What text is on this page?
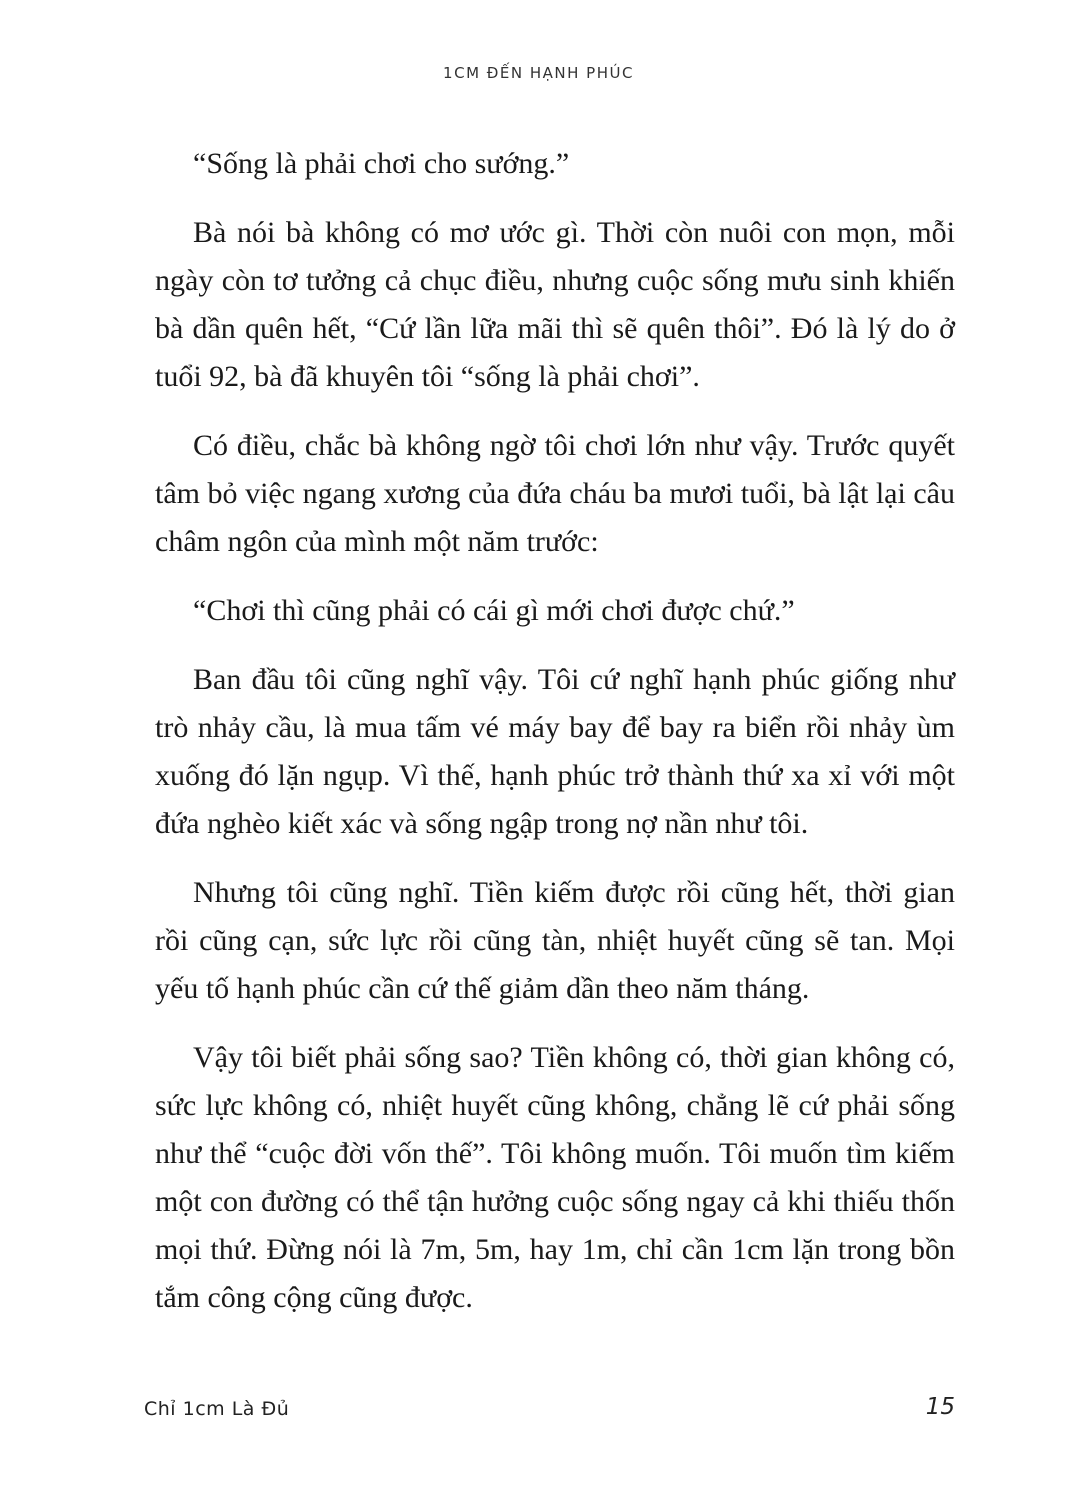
1CM ĐẾN HẠNH PHÚC

“Sống là phải chơi cho sướng.”

Bà nói bà không có mơ ước gì. Thời còn nuôi con mọn, mỗi ngày còn tơ tưởng cả chục điều, nhưng cuộc sống mưu sinh khiến bà dần quên hết, “Cứ lần lữa mãi thì sẽ quên thôi”. Đó là lý do ở tuổi 92, bà đã khuyên tôi “sống là phải chơi”.

Có điều, chắc bà không ngờ tôi chơi lớn như vậy. Trước quyết tâm bỏ việc ngang xương của đứa cháu ba mươi tuổi, bà lật lại câu châm ngôn của mình một năm trước:

“Chơi thì cũng phải có cái gì mới chơi được chứ.”

Ban đầu tôi cũng nghĩ vậy. Tôi cứ nghĩ hạnh phúc giống như trò nhảy cầu, là mua tấm vé máy bay để bay ra biển rồi nhảy ùm xuống đó lặn ngụp. Vì thế, hạnh phúc trở thành thứ xa xỉ với một đứa nghèo kiết xác và sống ngập trong nợ nần như tôi.

Nhưng tôi cũng nghĩ. Tiền kiếm được rồi cũng hết, thời gian rồi cũng cạn, sức lực rồi cũng tàn, nhiệt huyết cũng sẽ tan. Mọi yếu tố hạnh phúc cần cứ thế giảm dần theo năm tháng.

Vậy tôi biết phải sống sao? Tiền không có, thời gian không có, sức lực không có, nhiệt huyết cũng không, chẳng lẽ cứ phải sống như thể “cuộc đời vốn thế”. Tôi không muốn. Tôi muốn tìm kiếm một con đường có thể tận hưởng cuộc sống ngay cả khi thiếu thốn mọi thứ. Đừng nói là 7m, 5m, hay 1m, chỉ cần 1cm lặn trong bồn tắm công cộng cũng được.

Chỉ 1cm Là Đủ	15
